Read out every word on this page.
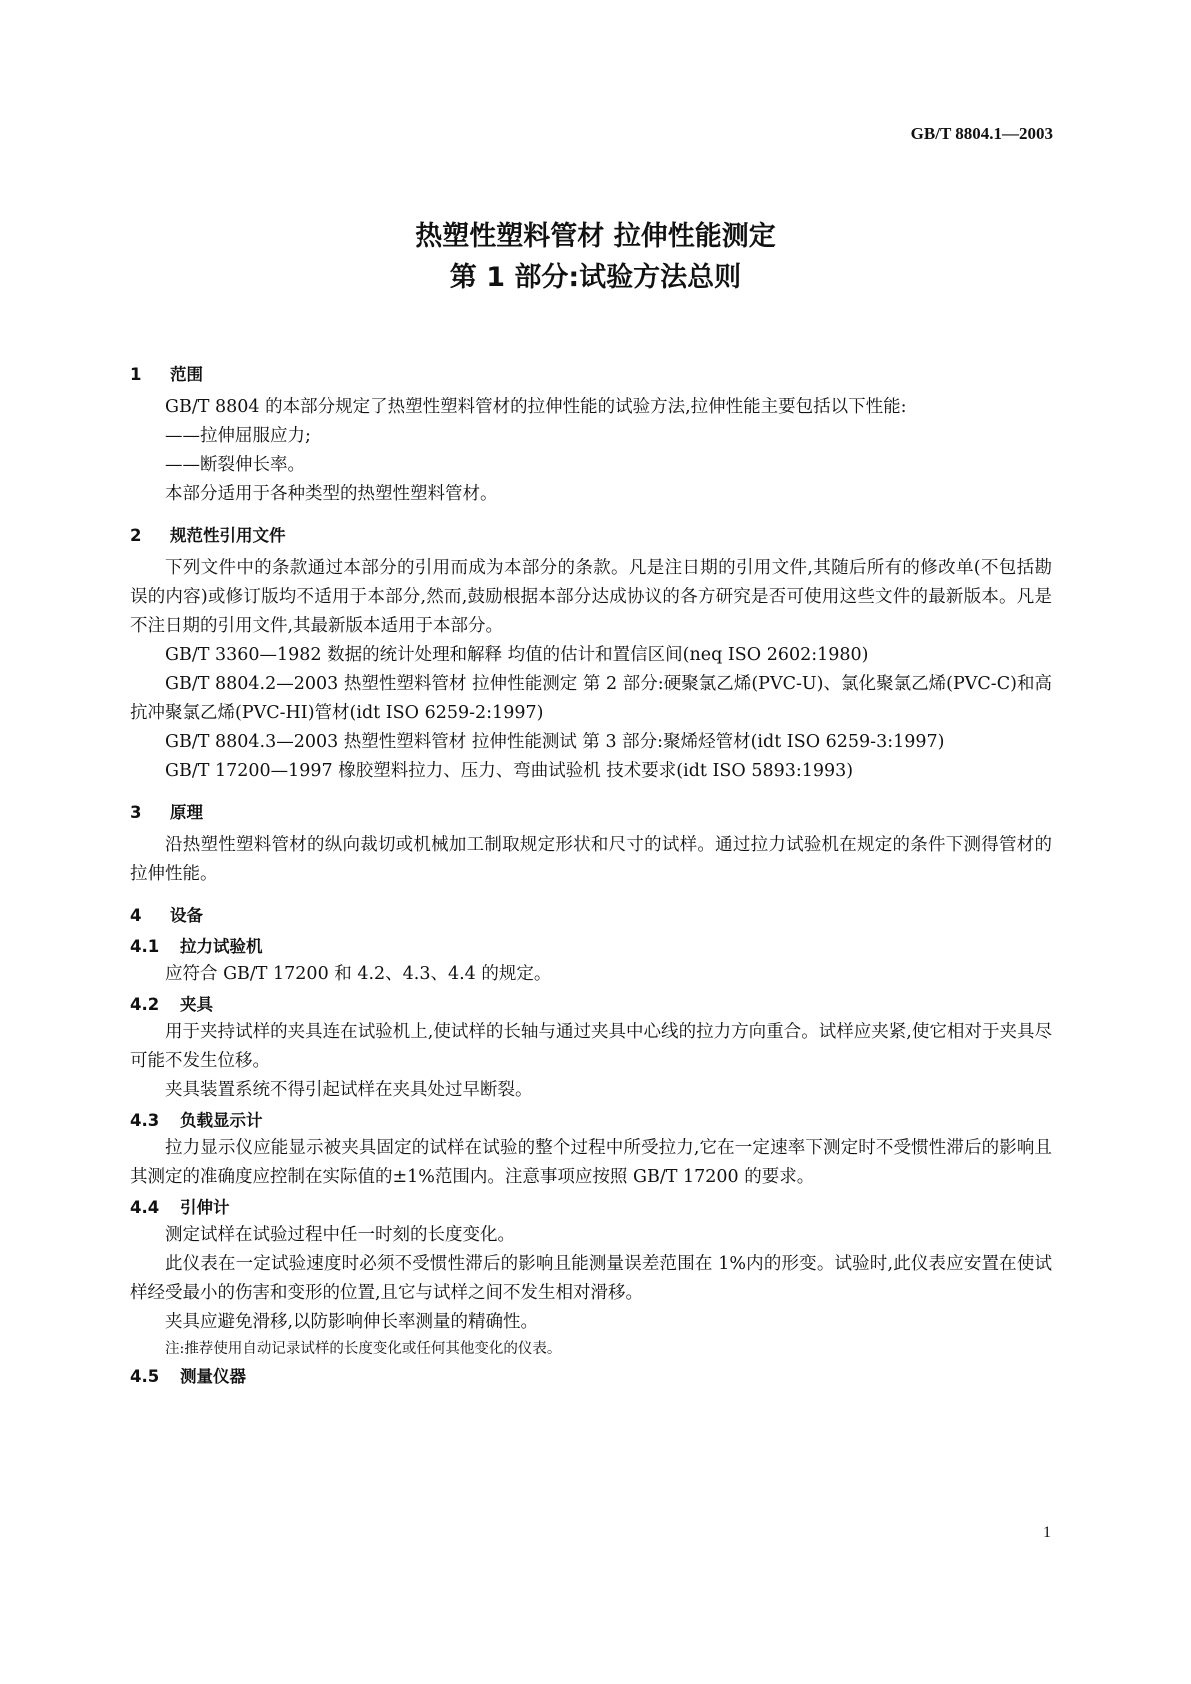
GB/T 8804.1—2003
热塑性塑料管材 拉伸性能测定
第 1 部分:试验方法总则
1 范围

GB/T 8804 的本部分规定了热塑性塑料管材的拉伸性能的试验方法,拉伸性能主要包括以下性能:

——拉伸屈服应力;

——断裂伸长率。

本部分适用于各种类型的热塑性塑料管材。

2 规范性引用文件

下列文件中的条款通过本部分的引用而成为本部分的条款。凡是注日期的引用文件,其随后所有的修改单(不包括勘误的内容)或修订版均不适用于本部分,然而,鼓励根据本部分达成协议的各方研究是否可使用这些文件的最新版本。凡是不注日期的引用文件,其最新版本适用于本部分。

GB/T 3360—1982 数据的统计处理和解释 均值的估计和置信区间(neq ISO 2602:1980)

GB/T 8804.2—2003 热塑性塑料管材 拉伸性能测定 第 2 部分:硬聚氯乙烯(PVC-U)、氯化聚氯乙烯(PVC-C)和高抗冲聚氯乙烯(PVC-HI)管材(idt ISO 6259-2:1997)

GB/T 8804.3—2003 热塑性塑料管材 拉伸性能测试 第 3 部分:聚烯烃管材(idt ISO 6259-3:1997)

GB/T 17200—1997 橡胶塑料拉力、压力、弯曲试验机 技术要求(idt ISO 5893:1993)

3 原理

沿热塑性塑料管材的纵向裁切或机械加工制取规定形状和尺寸的试样。通过拉力试验机在规定的条件下测得管材的拉伸性能。

4 设备
4.1 拉力试验机

应符合 GB/T 17200 和 4.2、4.3、4.4 的规定。

4.2 夹具

用于夹持试样的夹具连在试验机上,使试样的长轴与通过夹具中心线的拉力方向重合。试样应夹紧,使它相对于夹具尽可能不发生位移。

夹具装置系统不得引起试样在夹具处过早断裂。

4.3 负载显示计

拉力显示仪应能显示被夹具固定的试样在试验的整个过程中所受拉力,它在一定速率下测定时不受惯性滞后的影响且其测定的准确度应控制在实际值的±1%范围内。注意事项应按照 GB/T 17200 的要求。

4.4 引伸计

测定试样在试验过程中任一时刻的长度变化。

此仪表在一定试验速度时必须不受惯性滞后的影响且能测量误差范围在 1%内的形变。试验时,此仪表应安置在使试样经受最小的伤害和变形的位置,且它与试样之间不发生相对滑移。

夹具应避免滑移,以防影响伸长率测量的精确性。

注:推荐使用自动记录试样的长度变化或任何其他变化的仪表。

4.5 测量仪器
1
